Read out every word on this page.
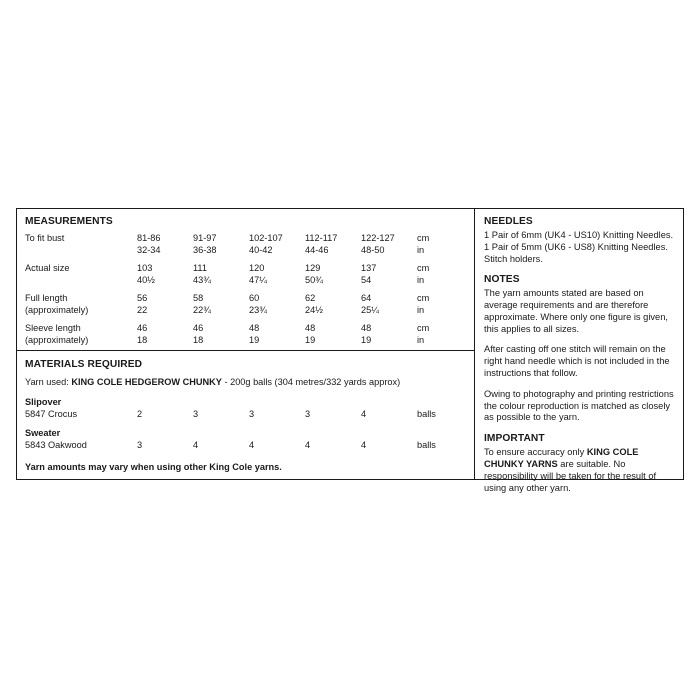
MEASUREMENTS
To fit bust	81-86	91-97	102-107	112-117	122-127	cm
	32-34	36-38	40-42	44-46	48-50	in
Actual size	103	111	120	129	137	cm
	40½	43¾	47¼	50¾	54	in
Full length	56	58	60	62	64	cm
(approximately)	22	22¾	23¾	24½	25¼	in
Sleeve length	46	46	48	48	48	cm
(approximately)	18	18	19	19	19	in
MATERIALS REQUIRED
Yarn used: KING COLE HEDGEROW CHUNKY - 200g balls (304 metres/332 yards approx)
Slipover						
5847 Crocus	2	3	3	3	4	balls
Sweater						
5843 Oakwood	3	4	4	4	4	balls
Yarn amounts may vary when using other King Cole yarns.
NEEDLES
1 Pair of 6mm (UK4 - US10) Knitting Needles.
1 Pair of 5mm (UK6 - US8) Knitting Needles.
Stitch holders.
NOTES

The yarn amounts stated are based on average requirements and are therefore approximate. Where only one figure is given, this applies to all sizes.

After casting off one stitch will remain on the right hand needle which is not included in the instructions that follow.

Owing to photography and printing restrictions the colour reproduction is matched as closely as possible to the yarn.

IMPORTANT

To ensure accuracy only KING COLE CHUNKY YARNS are suitable. No responsibility will be taken for the result of using any other yarn.
